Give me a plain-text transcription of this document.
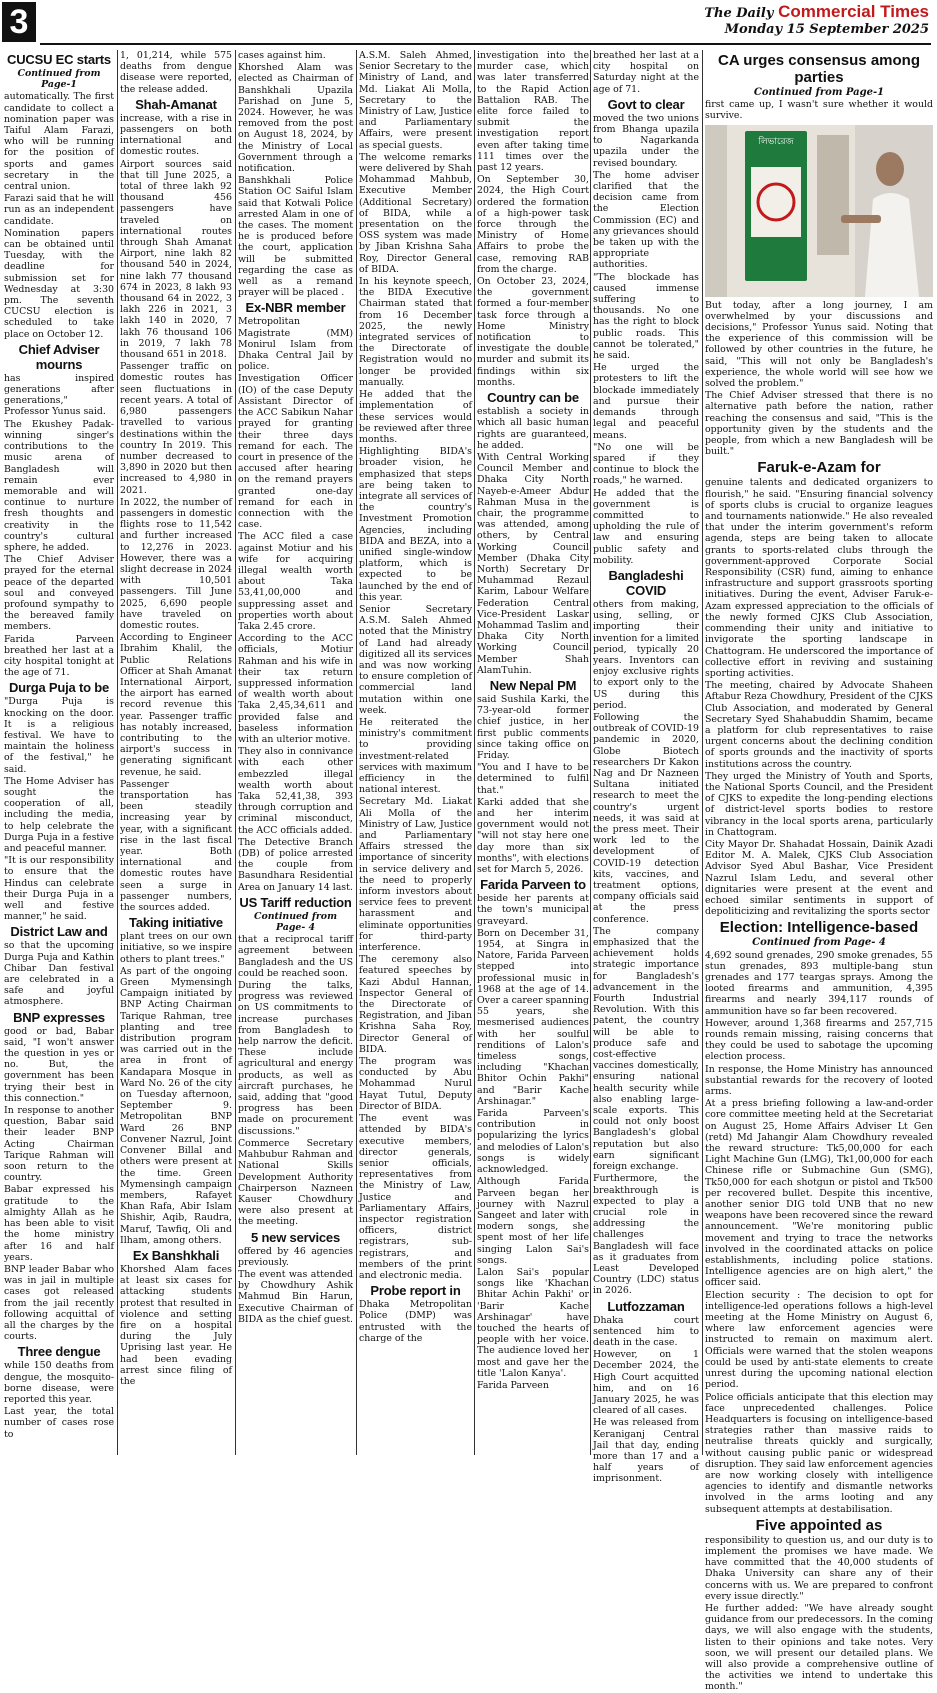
3	The Daily Commercial Times
Monday 15 September 2025
CUCSU EC starts
Continued from Page-1

automatically. The first candidate to collect a nomination paper was Taiful Alam Farazi, who will be running for the position of sports and games secretary in the central union.

Farazi said that he will run as an independent candidate.

Nomination papers can be obtained until Tuesday, with the deadline for submission set for Wednesday at 3:30 pm. The seventh CUCSU election is scheduled to take place on October 12.

Chief Adviser mourns

has inspired generations after generations," Professor Yunus said.

The Ekushey Padak-winning singer's contributions to the music arena of Bangladesh will remain ever memorable and will continue to nurture fresh thoughts and creativity in the country's cultural sphere, he added.

The Chief Adviser prayed for the eternal peace of the departed soul and conveyed profound sympathy to the bereaved family members.

Farida Parveen breathed her last at a city hospital tonight at the age of 71.

Durga Puja to be

"Durga Puja is knocking on the door. It is a religious festival. We have to maintain the holiness of the festival," he said.

The Home Adviser has sought the cooperation of all, including the media, to help celebrate the Durga Puja in a festive and peaceful manner.

"It is our responsibility to ensure that the Hindus can celebrate their Durga Puja in a well and festive manner," he said.

District Law and

so that the upcoming Durga Puja and Kathin Chibar Dan festival are celebrated in a safe and joyful atmosphere.

BNP expresses

good or bad, Babar said, "I won't answer the question in yes or no. But, the government has been trying their best in this connection."

In response to another question, Babar said their leader BNP Acting Chairman Tarique Rahman will soon return to the country.

Babar expressed his gratitude to the almighty Allah as he has been able to visit the home ministry after 16 and half years.

BNP leader Babar who was in jail in multiple cases got released from the jail recently following acquittal of all the charges by the courts.

Three dengue

while 150 deaths from dengue, the mosquito-borne disease, were reported this year.

Last year, the total number of cases rose to

1, 01,214, while 575 deaths from dengue disease were reported, the release added.

Shah-Amanat

increase, with a rise in passengers on both international and domestic routes.

Airport sources said that till June 2025, a total of three lakh 92 thousand 456 passengers have traveled on international routes through Shah Amanat Airport, nine lakh 82 thousand 540 in 2024, nine lakh 77 thousand 674 in 2023, 8 lakh 93 thousand 64 in 2022, 3 lakh 226 in 2021, 3 lakh 140 in 2020, 7 lakh 76 thousand 106 in 2019, 7 lakh 78 thousand 651 in 2018.

Passenger traffic on domestic routes has seen fluctuations in recent years. A total of 6,980 passengers travelled to various destinations within the country In 2019. This number decreased to 3,890 in 2020 but then increased to 4,980 in 2021.

In 2022, the number of passengers in domestic flights rose to 11,542 and further increased to 12,276 in 2023. However, there was a slight decrease in 2024 with 10,501 passengers. Till June 2025, 6,690 people have traveled on domestic routes.

According to Engineer Ibrahim Khalil, the Public Relations Officer at Shah Amanat International Airport, the airport has earned record revenue this year. Passenger traffic has notably increased, contributing to the airport's success in generating significant revenue, he said.

Passenger transportation has been steadily increasing year by year, with a significant rise in the last fiscal year. Both international and domestic routes have seen a surge in passenger numbers, the sources added.

Taking initiative

plant trees on our own initiative, so we inspire others to plant trees."

As part of the ongoing Green Mymensingh Campaign initiated by BNP Acting Chairman Tarique Rahman, tree planting and tree distribution program was carried out in the area in front of Kandapara Mosque in Ward No. 26 of the city on Tuesday afternoon, September 9. Metropolitan BNP Ward 26 BNP Convener Nazrul, Joint Convener Billal and others were present at the time. Green Mymensingh campaign members, Rafayet Khan Rafa, Abir Islam Shishir, Aqib, Raudra, Maruf, Tawfiq, Oli and Ilham, among others.

Ex Banshkhali

Khorshed Alam faces at least six cases for attacking students protest that resulted in violence and setting fire on a hospital during the July Uprising last year. He had been evading arrest since filing of the

cases against him.

Khorshed Alam was elected as Chairman of Banshkhali Upazila Parishad on June 5, 2024. However, he was removed from the post on August 18, 2024, by the Ministry of Local Government through a notification.

Banshkhali Police Station OC Saiful Islam said that Kotwali Police arrested Alam in one of the cases. The moment he is produced before the court, application will be submitted regarding the case as well as a remand prayer will be placed .

Ex-NBR member

Metropolitan Magistrate (MM) Monirul Islam from Dhaka Central Jail by police.

Investigation Officer (IO) of the case Deputy Assistant Director of the ACC Sabikun Nahar prayed for granting their three days remand for each. The court in presence of the accused after hearing on the remand prayers granted one-day remand for each in connection with the case.

The ACC filed a case against Motiur and his wife for acquiring illegal wealth worth about Taka 53,41,00,000 and suppressing asset and properties worth about Taka 2.45 crore.

According to the ACC officials, Motiur Rahman and his wife in their tax return suppressed information of wealth worth about Taka 2,45,34,611 and provided false and baseless information with an ulterior motive.

They also in connivance with each other embezzled illegal wealth worth about Taka 52,41,38, 393 through corruption and criminal misconduct, the ACC officials added.

The Detective Branch (DB) of police arrested the couple from Basundhara Residential Area on January 14 last.

US Tariff reduction
Continued from Page- 4

that a reciprocal tariff agreement between Bangladesh and the US could be reached soon.

During the talks, progress was reviewed on US commitments to increase purchases from Bangladesh to help narrow the deficit. These include agricultural and energy products, as well as aircraft purchases, he said, adding that "good progress has been made on procurement discussions."

Commerce Secretary Mahbubur Rahman and National Skills Development Authority Chairperson Nazneen Kauser Chowdhury were also present at the meeting.

5 new services

offered by 46 agencies previously.

The event was attended by Chowdhury Ashik Mahmud Bin Harun, Executive Chairman of BIDA as the chief guest.

A.S.M. Saleh Ahmed, Senior Secretary to the Ministry of Land, and Md. Liakat Ali Molla, Secretary to the Ministry of Law, Justice and Parliamentary Affairs, were present as special guests.

The welcome remarks were delivered by Shah Mohammad Mahbub, Executive Member (Additional Secretary) of BIDA, while a presentation on the OSS system was made by Jiban Krishna Saha Roy, Director General of BIDA.

In his keynote speech, the BIDA Executive Chairman stated that from 16 December 2025, the newly integrated services of the Directorate of Registration would no longer be provided manually.

He added that the implementation of these services would be reviewed after three months.

Highlighting BIDA's broader vision, he emphasized that steps are being taken to integrate all services of the country's Investment Promotion Agencies, including BIDA and BEZA, into a unified single-window platform, which is expected to be launched by the end of this year.

Senior Secretary A.S.M. Saleh Ahmed noted that the Ministry of Land had already digitized all its services and was now working to ensure completion of commercial land mutation within one week.

He reiterated the ministry's commitment to providing investment-related services with maximum efficiency in the national interest.

Secretary Md. Liakat Ali Molla of the Ministry of Law, Justice and Parliamentary Affairs stressed the importance of sincerity in service delivery and the need to properly inform investors about service fees to prevent harassment and eliminate opportunities for third-party interference.

The ceremony also featured speeches by Kazi Abdul Hannan, Inspector General of the Directorate of Registration, and Jiban Krishna Saha Roy, Director General of BIDA.

The program was conducted by Abu Mohammad Nurul Hayat Tutul, Deputy Director of BIDA.

The event was attended by BIDA's executive members, director generals, senior officials, representatives from the Ministry of Law, Justice and Parliamentary Affairs, inspector registration officers, district registrars, sub-registrars, and members of the print and electronic media.

Probe report in

Dhaka Metropolitan Police (DMP) was entrusted with the charge of the

investigation into the murder case, which was later transferred to the Rapid Action Battalion RAB. The elite force failed to submit the investigation report even after taking time 111 times over the past 12 years.

On September 30, 2024, the High Court ordered the formation of a high-power task force through the Ministry of Home Affairs to probe the case, removing RAB from the charge.

On October 23, 2024, the government formed a four-member task force through a Home Ministry notification to investigate the double murder and submit its findings within six months.

Country can be

establish a society in which all basic human rights are guaranteed, he added.

With Central Working Council Member and Dhaka City North Nayeb-e-Ameer Abdur Rahman Musa in the chair, the programme was attended, among others, by Central Working Council Member (Dhaka City North) Secretary Dr Muhammad Rezaul Karim, Labour Welfare Federation Central Vice-President Laskar Mohammad Taslim and Dhaka City North Working Council Member Shah AlamTuhin.

New Nepal PM

said Sushila Karki, the 73-year-old former chief justice, in her first public comments since taking office on Friday.

"You and I have to be determined to fulfil that."

Karki added that she and her interim government would not "will not stay here one day more than six months", with elections set for March 5, 2026.

Farida Parveen to

beside her parents at the town's municipal graveyard.

Born on December 31, 1954, at Singra in Natore, Farida Parveen stepped into professional music in 1968 at the age of 14. Over a career spanning 55 years, she mesmerised audiences with her soulful renditions of Lalon's timeless songs, including "Khachan Bhitor Ochin Pakhi" and "Barir Kache Arshinagar."

Farida Parveen's contribution in popularizing the lyrics and melodies of Lalon's songs is widely acknowledged.

Although Farida Parveen began her journey with Nazrul Sangeet and later with modern songs, she spent most of her life singing Lalon Sai's songs.

Lalon Sai's popular songs like 'Khachan Bhitar Achin Pakhi' or 'Barir Kache Arshinagar' have touched the hearts of people with her voice. The audience loved her most and gave her the title 'Lalon Kanya'.

Farida Parveen

breathed her last at a city hospital on Saturday night at the age of 71.

Govt to clear

moved the two unions from Bhanga upazila to Nagarkanda upazila under the revised boundary.

The home adviser clarified that the decision came from the Election Commission (EC) and any grievances should be taken up with the appropriate authorities.

"The blockade has caused immense suffering to thousands. No one has the right to block public roads. This cannot be tolerated," he said.

He urged the protesters to lift the blockade immediately and pursue their demands through legal and peaceful means.

"No one will be spared if they continue to block the roads," he warned.

He added that the government is committed to upholding the rule of law and ensuring public safety and mobility.

Bangladeshi COVID

others from making, using, selling, or importing their invention for a limited period, typically 20 years. Inventors can enjoy exclusive rights to export only to the US during this period.

Following the outbreak of COVID-19 pandemic in 2020, Globe Biotech researchers Dr Kakon Nag and Dr Nazneen Sultana initiated research to meet the country's urgent needs, it was said at the press meet. Their work led to the development of COVID-19 detection kits, vaccines, and treatment options, company officials said at the press conference.

The company emphasized that the achievement holds strategic importance for Bangladesh's advancement in the Fourth Industrial Revolution. With this patent, the country will be able to produce safe and cost-effective vaccines domestically, ensuring national health security while also enabling large-scale exports. This could not only boost Bangladesh's global reputation but also earn significant foreign exchange.

Furthermore, the breakthrough is expected to play a crucial role in addressing the challenges Bangladesh will face as it graduates from Least Developed Country (LDC) status in 2026.

Lutfozzaman

Dhaka court sentenced him to death in the case.

However, on 1 December 2024, the High Court acquitted him, and on 16 January 2025, he was cleared of all cases.

He was released from Keraniganj Central Jail that day, ending more than 17 and a half years of imprisonment.

CA urges consensus among parties
Continued from Page-1

first came up, I wasn't sure whether it would survive.

লিভারেজ

But today, after a long journey, I am overwhelmed by your discussions and decisions," Professor Yunus said. Noting that the experience of this commission will be followed by other countries in the future, he said, "This will not only be Bangladesh's experience, the whole world will see how we solved the problem."

The Chief Adviser stressed that there is no alternative path before the nation, rather reaching the consensus and said, "This is the opportunity given by the students and the people, from which a new Bangladesh will be built."

Faruk-e-Azam for

genuine talents and dedicated organizers to flourish," he said. "Ensuring financial solvency of sports clubs is crucial to organize leagues and tournaments nationwide." He also revealed that under the interim government's reform agenda, steps are being taken to allocate grants to sports-related clubs through the government-approved Corporate Social Responsibility (CSR) fund, aiming to enhance infrastructure and support grassroots sporting initiatives. During the event, Adviser Faruk-e-Azam expressed appreciation to the officials of the newly formed CJKS Club Association, commending their unity and initiative to invigorate the sporting landscape in Chattogram. He underscored the importance of collective effort in reviving and sustaining sporting activities.

The meeting, chaired by Advocate Shaheen Aftabur Reza Chowdhury, President of the CJKS Club Association, and moderated by General Secretary Syed Shahabuddin Shamim, became a platform for club representatives to raise urgent concerns about the declining condition of sports grounds and the inactivity of sports institutions across the country.

They urged the Ministry of Youth and Sports, the National Sports Council, and the President of CJKS to expedite the long-pending elections of district-level sports bodies to restore vibrancy in the local sports arena, particularly in Chattogram.

City Mayor Dr. Shahadat Hossain, Dainik Azadi Editor M. A. Malek, CJKS Club Association Advisor Syed Abul Bashar, Vice President Nazrul Islam Ledu, and several other dignitaries were present at the event and echoed similar sentiments in support of depoliticizing and revitalizing the sports sector

Election: Intelligence-based
Continued from Page- 4

4,692 sound grenades, 290 smoke grenades, 55 stun grenades, 893 multiple-bang stun grenades and 177 teargas sprays. Among the looted firearms and ammunition, 4,395 firearms and nearly 394,117 rounds of ammunition have so far been recovered.

However, around 1,368 firearms and 257,715 rounds remain missing, raising concerns that they could be used to sabotage the upcoming election process.

In response, the Home Ministry has announced substantial rewards for the recovery of looted arms.

At a press briefing following a law-and-order core committee meeting held at the Secretariat on August 25, Home Affairs Adviser Lt Gen (retd) Md Jahangir Alam Chowdhury revealed the reward structure: Tk5,00,000 for each Light Machine Gun (LMG), Tk1,00,000 for each Chinese rifle or Submachine Gun (SMG), Tk50,000 for each shotgun or pistol and Tk500 per recovered bullet. Despite this incentive, another senior DIG told UNB that no new weapons have been recovered since the reward announcement. "We're monitoring public movement and trying to trace the networks involved in the coordinated attacks on police establishments, including police stations. Intelligence agencies are on high alert," the officer said.

Election security : The decision to opt for intelligence-led operations follows a high-level meeting at the Home Ministry on August 6, where law enforcement agencies were instructed to remain on maximum alert. Officials were warned that the stolen weapons could be used by anti-state elements to create unrest during the upcoming national election period.

Police officials anticipate that this election may face unprecedented challenges. Police Headquarters is focusing on intelligence-based strategies rather than massive raids to neutralise threats quickly and surgically, without causing public panic or widespread disruption. They said law enforcement agencies are now working closely with intelligence agencies to identify and dismantle networks involved in the arms looting and any subsequent attempts at destabilisation.

Five appointed as

responsibility to question us, and our duty is to implement the promises we have made. We have committed that the 40,000 students of Dhaka University can share any of their concerns with us. We are prepared to confront every issue directly."

He further added: "We have already sought guidance from our predecessors. In the coming days, we will also engage with the students, listen to their opinions and take notes. Very soon, we will present our detailed plans. We will also provide a comprehensive outline of the activities we intend to undertake this month."
